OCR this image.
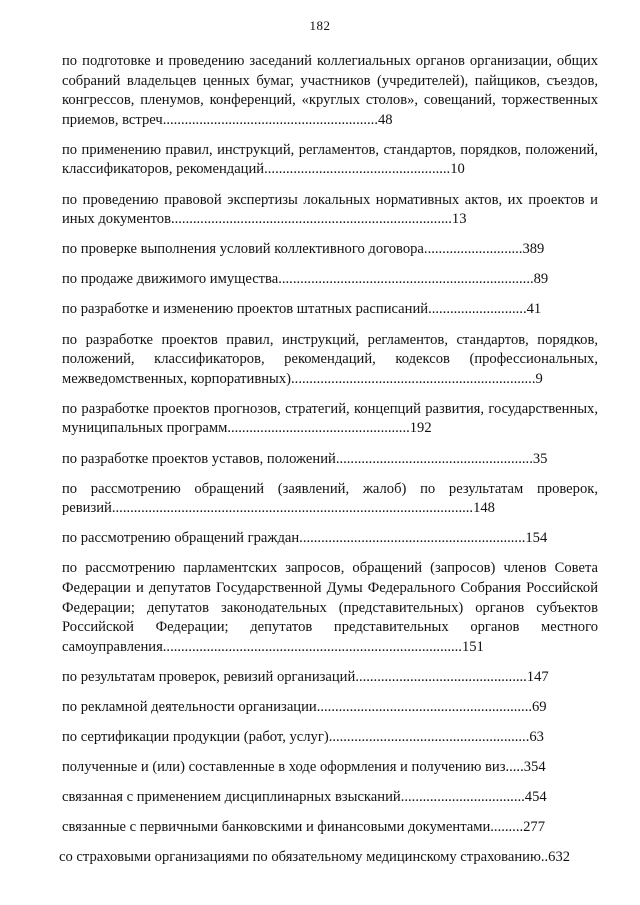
182
по подготовке и проведению заседаний коллегиальных органов организации, общих собраний владельцев ценных бумаг, участников (учредителей), пайщиков, съездов, конгрессов, пленумов, конференций, «круглых столов», совещаний, торжественных приемов, встреч...........................................................48
по применению правил, инструкций, регламентов, стандартов, порядков, положений, классификаторов, рекомендаций...................................................10
по проведению правовой экспертизы локальных нормативных актов, их проектов и иных документов.............................................................................13
по проверке выполнения условий коллективного договора...........................389
по продаже движимого имущества......................................................................89
по разработке и изменению проектов штатных расписаний...........................41
по разработке проектов правил, инструкций, регламентов, стандартов, порядков, положений, классификаторов, рекомендаций, кодексов (профессиональных, межведомственных, корпоративных)...................................................................9
по разработке проектов прогнозов, стратегий, концепций развития, государственных, муниципальных программ..................................................192
по разработке проектов уставов, положений......................................................35
по рассмотрению обращений (заявлений, жалоб) по результатам проверок, ревизий...................................................................................................148
по рассмотрению обращений граждан..............................................................154
по рассмотрению парламентских запросов, обращений (запросов) членов Совета Федерации и депутатов Государственной Думы Федерального Собрания Российской Федерации; депутатов законодательных (представительных) органов субъектов Российской Федерации; депутатов представительных органов местного самоуправления..................................................................................151
по результатам проверок, ревизий организаций...............................................147
по рекламной деятельности организации...........................................................69
по сертификации продукции (работ, услуг).......................................................63
полученные и (или) составленные в ходе оформления и получению виз.....354
связанная с применением дисциплинарных взысканий..................................454
связанные с первичными банковскими и финансовыми документами.........277
со страховыми организациями по обязательному медицинскому страхованию..632
